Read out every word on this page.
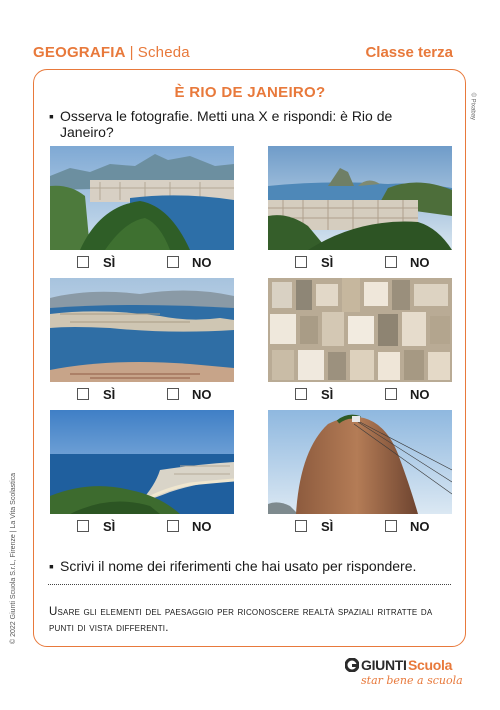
GEOGRAFIA | Scheda	Classe terza
È RIO DE JANEIRO?
▪ Osserva le fotografie. Metti una X e rispondi: è Rio de Janeiro?
© Pixabay
SÌ	NO	SÌ	NO
SÌ	NO	SÌ	NO
SÌ	NO	SÌ	NO
▪ Scrivi il nome dei riferimenti che hai usato per rispondere.
Usare gli elementi del paesaggio per riconoscere realtà spaziali ritratte da punti di vista differenti.
© 2022 Giunti Scuola S.r.L, Firenze | La Vita Scolastica
GIUNTI Scuola
star bene a scuola
